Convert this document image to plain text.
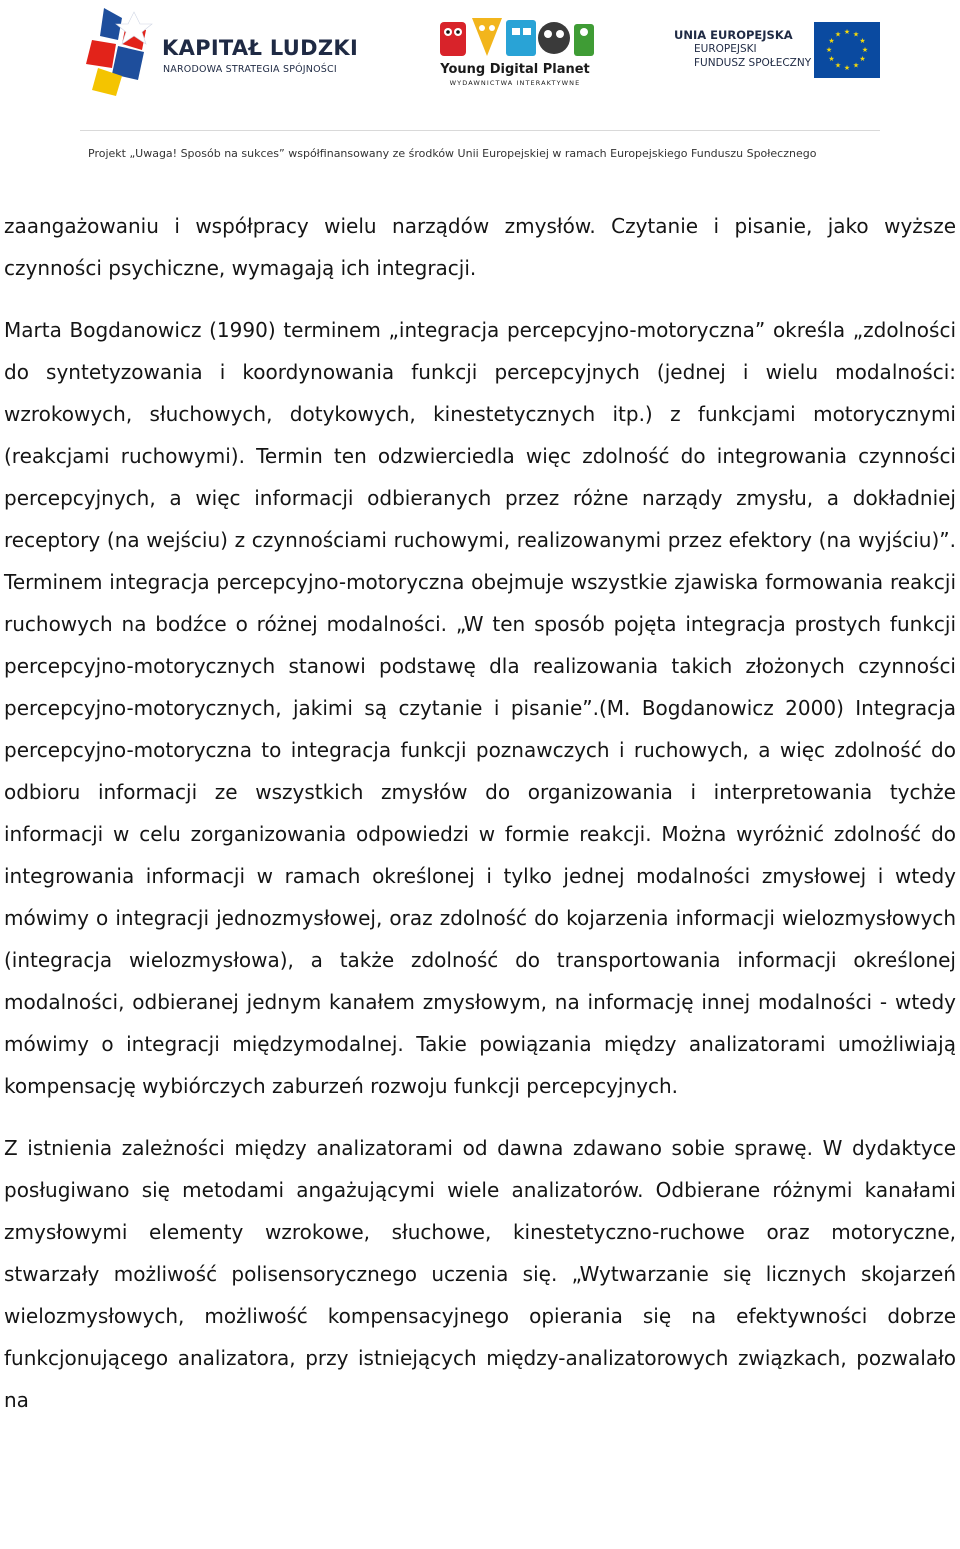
KAPITAŁ LUDZKI
NARODOWA STRATEGIA SPÓJNOŚCI	Young Digital Planet
WYDAWNICTWA INTERAKTYWNE
UNIA EUROPEJSKA
EUROPEJSKI
FUNDUSZ SPOŁECZNY
★ ★
★
★
★
★
★
★
★
★
★
★
Projekt „Uwaga! Sposób na sukces” współfinansowany ze środków Unii Europejskiej w ramach Europejskiego Funduszu Społecznego

zaangażowaniu i współpracy wielu narządów zmysłów. Czytanie i pisanie, jako wyższe czynności psychiczne, wymagają ich integracji.

Marta Bogdanowicz (1990) terminem „integracja percepcyjno-motoryczna” określa „zdolności do syntetyzowania i koordynowania funkcji percepcyjnych (jednej i wielu modalności: wzrokowych, słuchowych, dotykowych, kinestetycznych itp.) z funkcjami motorycznymi (reakcjami ruchowymi). Termin ten odzwierciedla więc zdolność do integrowania czynności percepcyjnych, a więc informacji odbieranych przez różne narządy zmysłu, a dokładniej receptory (na wejściu) z czynnościami ruchowymi, realizowanymi przez efektory (na wyjściu)”. Terminem integracja percepcyjno-motoryczna obejmuje wszystkie zjawiska formowania reakcji ruchowych na bodźce o różnej modalności. „W ten sposób pojęta integracja prostych funkcji percepcyjno-motorycznych stanowi podstawę dla realizowania takich złożonych czynności percepcyjno-motorycznych, jakimi są czytanie i pisanie”.(M. Bogdanowicz 2000) Integracja percepcyjno-motoryczna to integracja funkcji poznawczych i ruchowych, a więc zdolność do odbioru informacji ze wszystkich zmysłów do organizowania i interpretowania tychże informacji w celu zorganizowania odpowiedzi w formie reakcji. Można wyróżnić zdolność do integrowania informacji w ramach określonej i tylko jednej modalności zmysłowej i wtedy mówimy o integracji jednozmysłowej, oraz zdolność do kojarzenia informacji wielozmysłowych (integracja wielozmysłowa), a także zdolność do transportowania informacji określonej modalności, odbieranej jednym kanałem zmysłowym, na informację innej modalności - wtedy mówimy o integracji międzymodalnej. Takie powiązania między analizatorami umożliwiają kompensację wybiórczych zaburzeń rozwoju funkcji percepcyjnych.

Z istnienia zależności między analizatorami od dawna zdawano sobie sprawę. W dydaktyce posługiwano się metodami angażującymi wiele analizatorów. Odbierane różnymi kanałami zmysłowymi elementy wzrokowe, słuchowe, kinestetyczno-ruchowe oraz motoryczne, stwarzały możliwość polisensorycznego uczenia się. „Wytwarzanie się licznych skojarzeń wielozmysłowych, możliwość kompensacyjnego opierania się na efektywności dobrze funkcjonującego analizatora, przy istniejących między-analizatorowych związkach, pozwalało na
